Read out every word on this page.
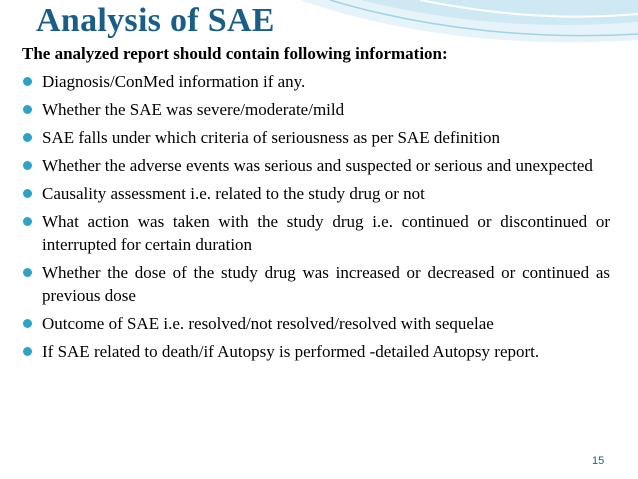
Analysis of SAE
The analyzed report should contain following information:
Diagnosis/ConMed information if any.
Whether the SAE was severe/moderate/mild
SAE falls under which criteria of seriousness as per SAE definition
Whether the adverse events was serious and suspected or serious and unexpected
Causality assessment i.e. related to the study drug or not
What action was taken with the study drug i.e. continued or discontinued or interrupted for certain duration
Whether the dose of the study drug was increased or decreased or continued as previous dose
Outcome of SAE i.e. resolved/not resolved/resolved with sequelae
If SAE related to death/if Autopsy is performed -detailed Autopsy report.
15
